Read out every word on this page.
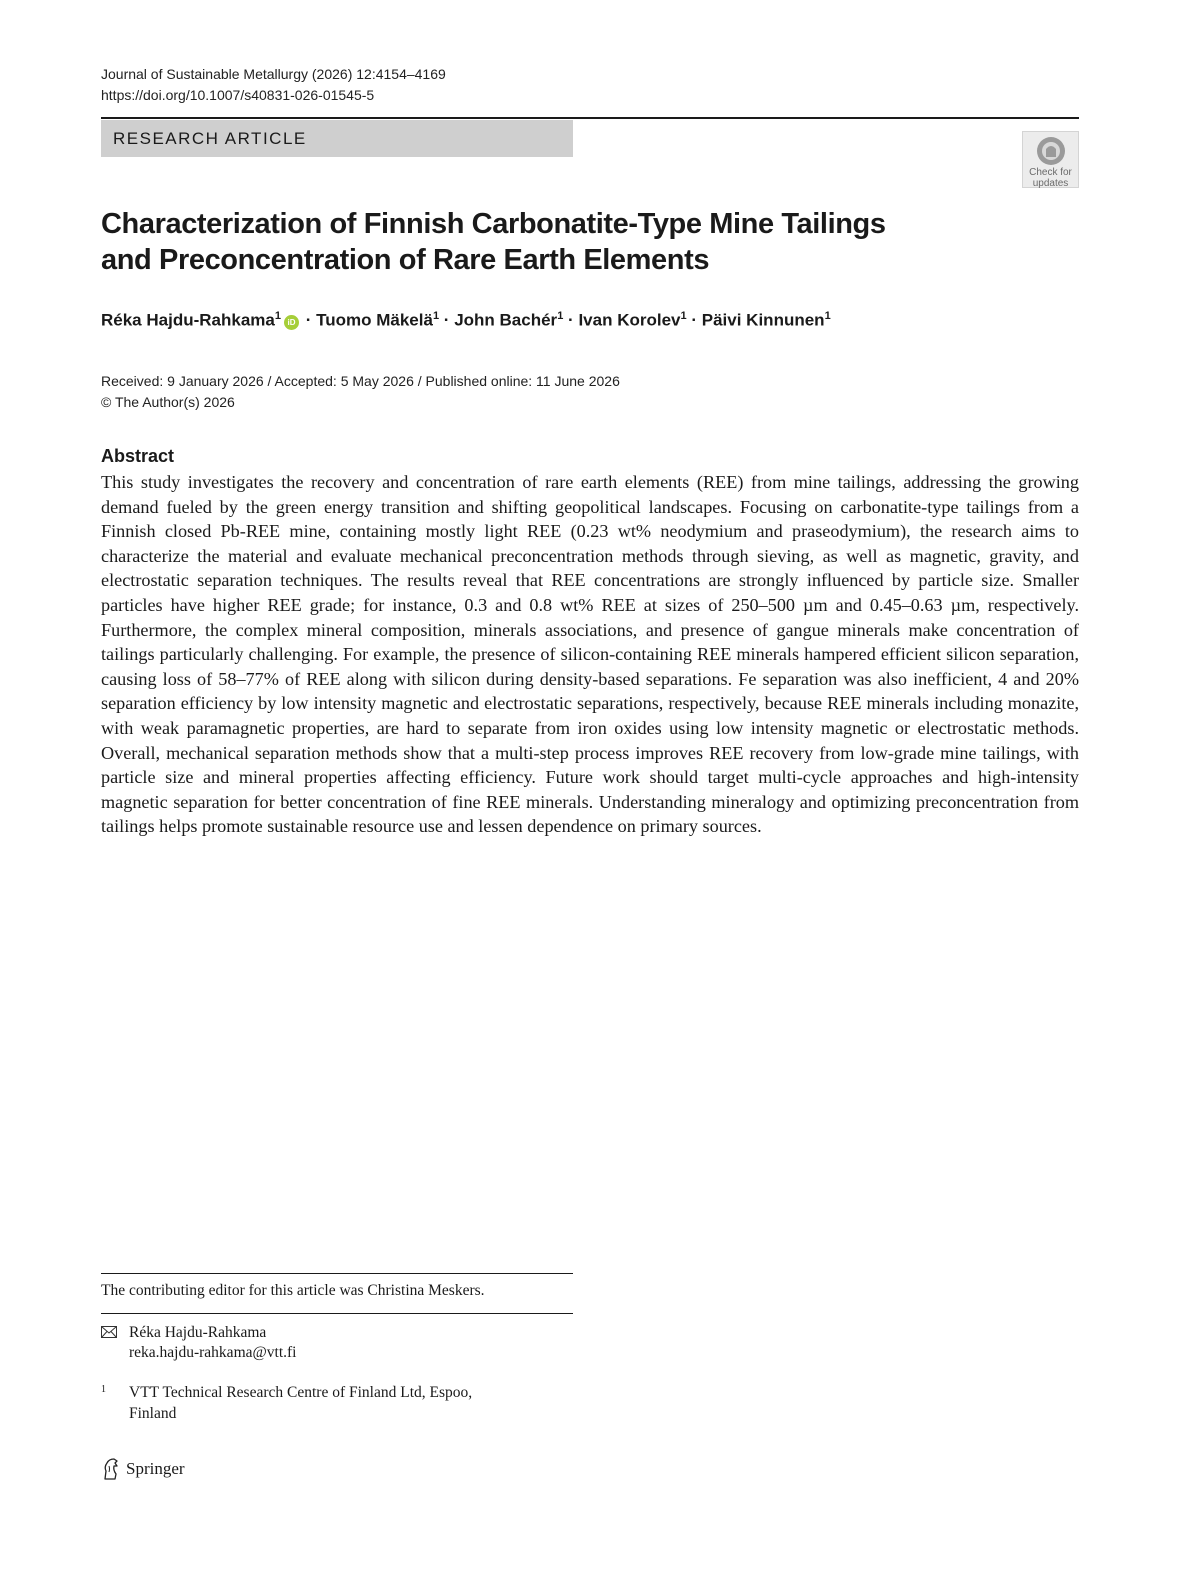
Journal of Sustainable Metallurgy (2026) 12:4154–4169
https://doi.org/10.1007/s40831-026-01545-5
RESEARCH ARTICLE
Check for
updates
Characterization of Finnish Carbonatite-Type Mine Tailings
and Preconcentration of Rare Earth Elements
Réka Hajdu-Rahkama$^1$iD · Tuomo Mäkelä$^1$ · John Bachér$^1$ · Ivan Korolev$^1$ · Päivi Kinnunen$^1$
Received: 9 January 2026 / Accepted: 5 May 2026 / Published online: 11 June 2026
© The Author(s) 2026
Abstract

This study investigates the recovery and concentration of rare earth elements (REE) from mine tailings, addressing the growing demand fueled by the green energy transition and shifting geopolitical landscapes. Focusing on carbonatite-type tailings from a Finnish closed Pb-REE mine, containing mostly light REE (0.23 wt% neodymium and praseodymium), the research aims to characterize the material and evaluate mechanical preconcentration methods through sieving, as well as magnetic, gravity, and electrostatic separation techniques. The results reveal that REE concentrations are strongly influenced by particle size. Smaller particles have higher REE grade; for instance, 0.3 and 0.8 wt% REE at sizes of 250–500 µm and 0.45–0.63 µm, respectively. Furthermore, the complex mineral composition, minerals associations, and presence of gangue minerals make concentration of tailings particularly challenging. For example, the presence of silicon-containing REE minerals hampered efficient silicon separation, causing loss of 58–77% of REE along with silicon during density-based separations. Fe separation was also inefficient, 4 and 20% separation efficiency by low intensity magnetic and electrostatic separations, respectively, because REE minerals including monazite, with weak paramagnetic properties, are hard to separate from iron oxides using low intensity magnetic or electrostatic methods. Overall, mechanical separation methods show that a multi-step process improves REE recovery from low-grade mine tailings, with particle size and mineral properties affecting efficiency. Future work should target multi-cycle approaches and high-intensity magnetic separation for better concentration of fine REE minerals. Understanding mineralogy and optimizing preconcentration from tailings helps promote sustainable resource use and lessen dependence on primary sources.

The contributing editor for this article was Christina Meskers.
Réka Hajdu-Rahkama
reka.hajdu-rahkama@vtt.fi
1 VTT Technical Research Centre of Finland Ltd, Espoo,
Finland
Springer
